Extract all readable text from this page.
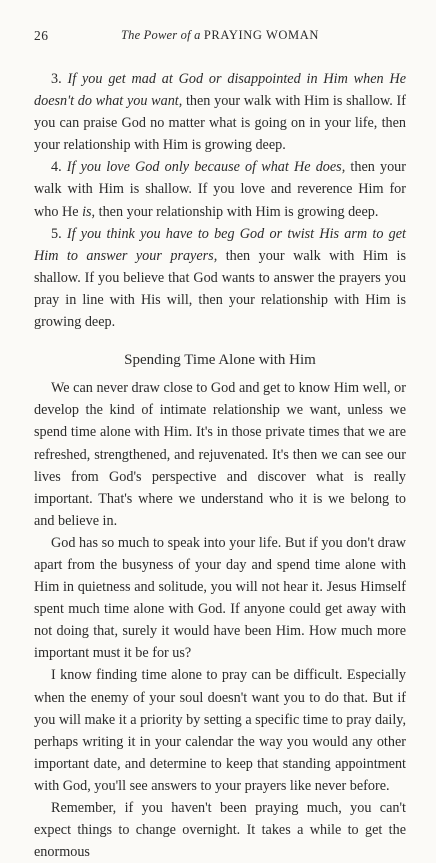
26	The Power of a PRAYING WOMAN

3. If you get mad at God or disappointed in Him when He doesn't do what you want, then your walk with Him is shallow. If you can praise God no matter what is going on in your life, then your relationship with Him is growing deep.

4. If you love God only because of what He does, then your walk with Him is shallow. If you love and reverence Him for who He is, then your relationship with Him is growing deep.

5. If you think you have to beg God or twist His arm to get Him to answer your prayers, then your walk with Him is shallow. If you believe that God wants to answer the prayers you pray in line with His will, then your relationship with Him is growing deep.

Spending Time Alone with Him

We can never draw close to God and get to know Him well, or develop the kind of intimate relationship we want, unless we spend time alone with Him. It's in those private times that we are refreshed, strengthened, and rejuvenated. It's then we can see our lives from God's perspective and discover what is really important. That's where we understand who it is we belong to and believe in.

God has so much to speak into your life. But if you don't draw apart from the busyness of your day and spend time alone with Him in quietness and solitude, you will not hear it. Jesus Himself spent much time alone with God. If anyone could get away with not doing that, surely it would have been Him. How much more important must it be for us?

I know finding time alone to pray can be difficult. Especially when the enemy of your soul doesn't want you to do that. But if you will make it a priority by setting a specific time to pray daily, perhaps writing it in your calendar the way you would any other important date, and determine to keep that standing appointment with God, you'll see answers to your prayers like never before.

Remember, if you haven't been praying much, you can't expect things to change overnight. It takes a while to get the enormous
